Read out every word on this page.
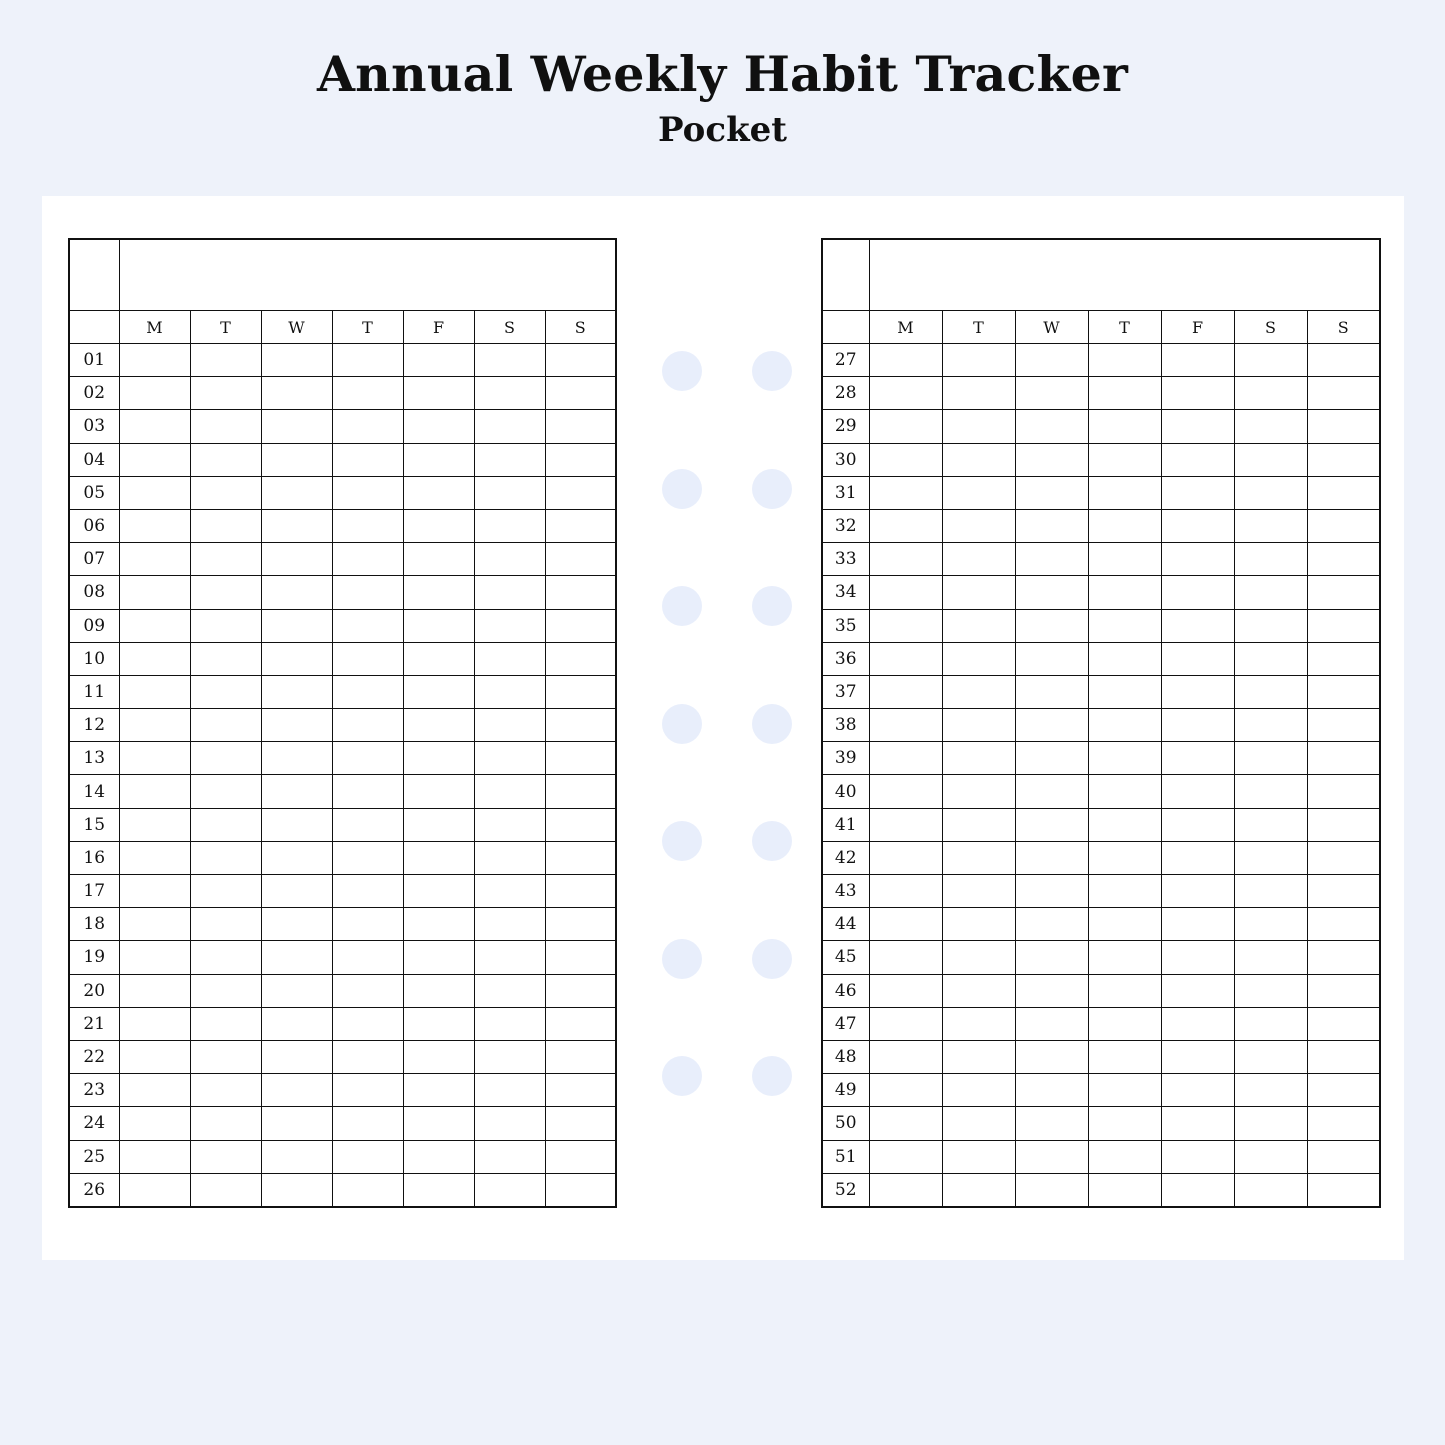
Annual Weekly Habit Tracker
Pocket

	M	T	W	T	F	S	S
01							
02							
03							
04							
05							
06							
07							
08							
09							
10							
11							
12							
13							
14							
15							
16							
17							
18							
19							
20							
21							
22							
23							
24							
25							
26							

	M	T	W	T	F	S	S
27							
28							
29							
30							
31							
32							
33							
34							
35							
36							
37							
38							
39							
40							
41							
42							
43							
44							
45							
46							
47							
48							
49							
50							
51							
52							
